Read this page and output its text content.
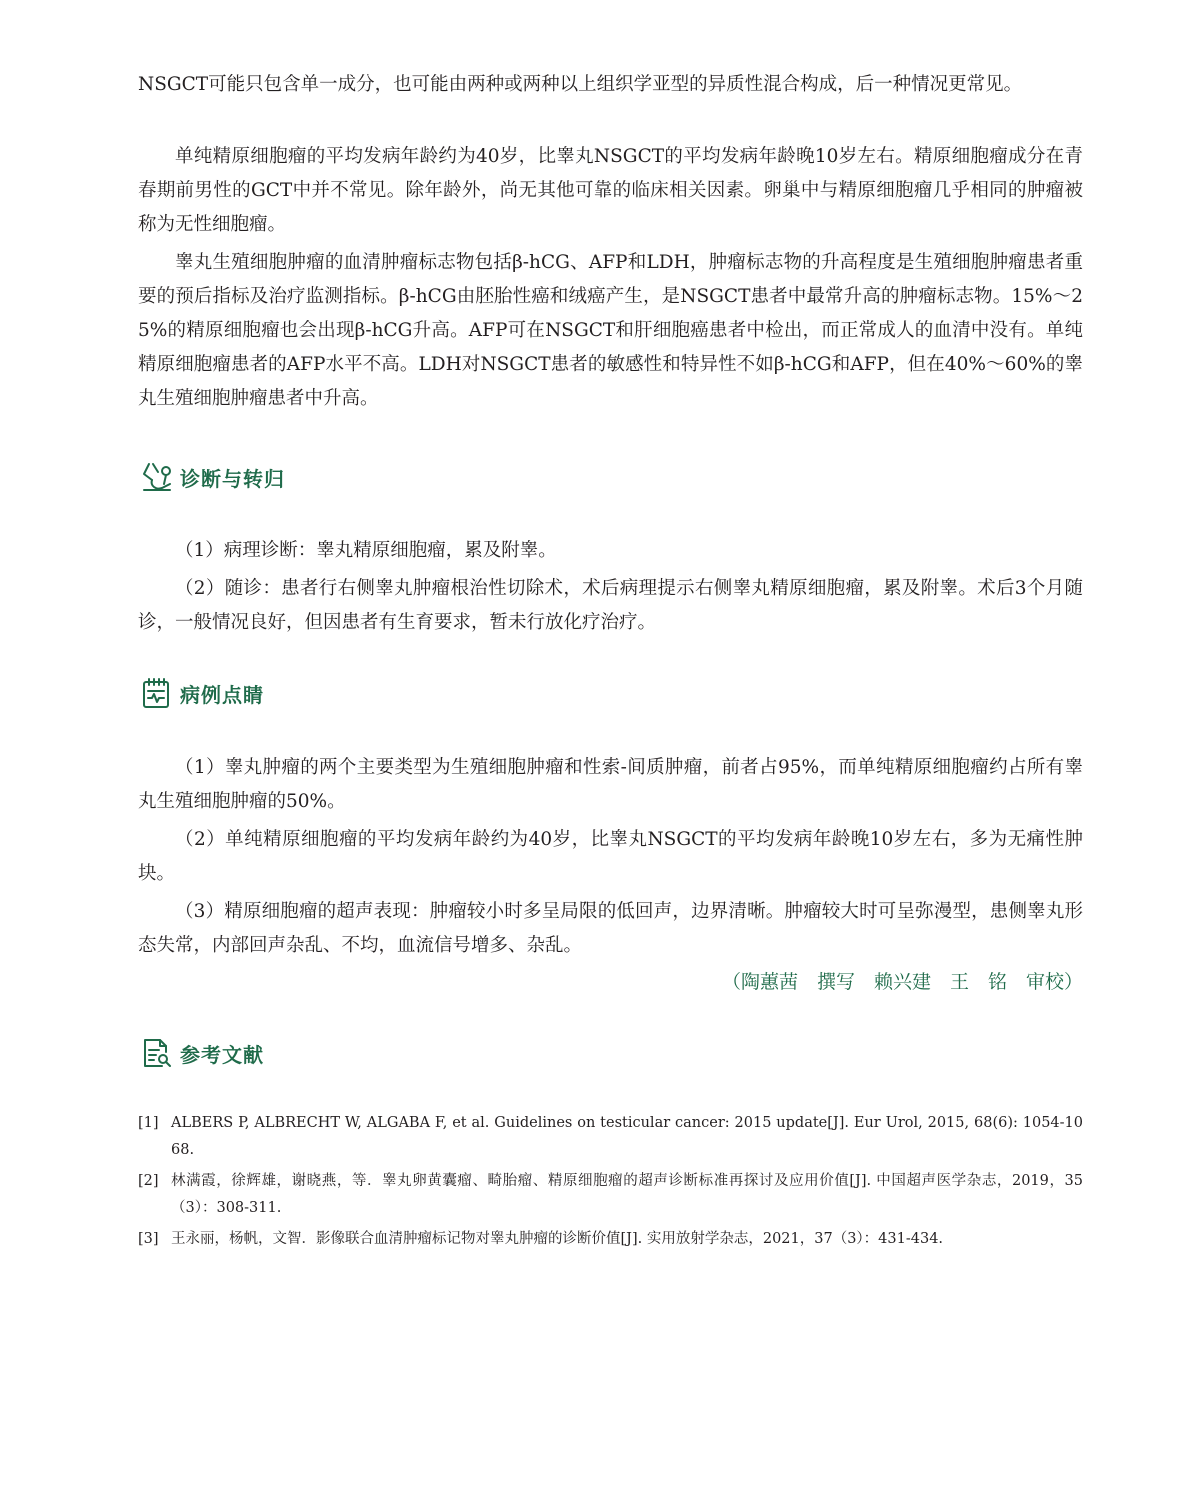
NSGCT可能只包含单一成分，也可能由两种或两种以上组织学亚型的异质性混合构成，后一种情况更常见。

单纯精原细胞瘤的平均发病年龄约为40岁，比睾丸NSGCT的平均发病年龄晚10岁左右。精原细胞瘤成分在青春期前男性的GCT中并不常见。除年龄外，尚无其他可靠的临床相关因素。卵巢中与精原细胞瘤几乎相同的肿瘤被称为无性细胞瘤。

睾丸生殖细胞肿瘤的血清肿瘤标志物包括β-hCG、AFP和LDH，肿瘤标志物的升高程度是生殖细胞肿瘤患者重要的预后指标及治疗监测指标。β-hCG由胚胎性癌和绒癌产生，是NSGCT患者中最常升高的肿瘤标志物。15%～25%的精原细胞瘤也会出现β-hCG升高。AFP可在NSGCT和肝细胞癌患者中检出，而正常成人的血清中没有。单纯精原细胞瘤患者的AFP水平不高。LDH对NSGCT患者的敏感性和特异性不如β-hCG和AFP，但在40%～60%的睾丸生殖细胞肿瘤患者中升高。

诊断与转归

（1）病理诊断：睾丸精原细胞瘤，累及附睾。

（2）随诊：患者行右侧睾丸肿瘤根治性切除术，术后病理提示右侧睾丸精原细胞瘤，累及附睾。术后3个月随诊，一般情况良好，但因患者有生育要求，暂未行放化疗治疗。

病例点睛

（1）睾丸肿瘤的两个主要类型为生殖细胞肿瘤和性索-间质肿瘤，前者占95%，而单纯精原细胞瘤约占所有睾丸生殖细胞肿瘤的50%。

（2）单纯精原细胞瘤的平均发病年龄约为40岁，比睾丸NSGCT的平均发病年龄晚10岁左右，多为无痛性肿块。

（3）精原细胞瘤的超声表现：肿瘤较小时多呈局限的低回声，边界清晰。肿瘤较大时可呈弥漫型，患侧睾丸形态失常，内部回声杂乱、不均，血流信号增多、杂乱。

（陶蕙茜　撰写　赖兴建　王　铭　审校）

参考文献
[1] ALBERS P, ALBRECHT W, ALGABA F, et al. Guidelines on testicular cancer: 2015 update[J]. Eur Urol, 2015, 68(6): 1054-1068.
[2] 林满霞，徐辉雄，谢晓燕，等．睾丸卵黄囊瘤、畸胎瘤、精原细胞瘤的超声诊断标准再探讨及应用价值[J]. 中国超声医学杂志，2019，35（3）：308-311.
[3] 王永丽，杨帆，文智．影像联合血清肿瘤标记物对睾丸肿瘤的诊断价值[J]. 实用放射学杂志，2021，37（3）：431-434.
